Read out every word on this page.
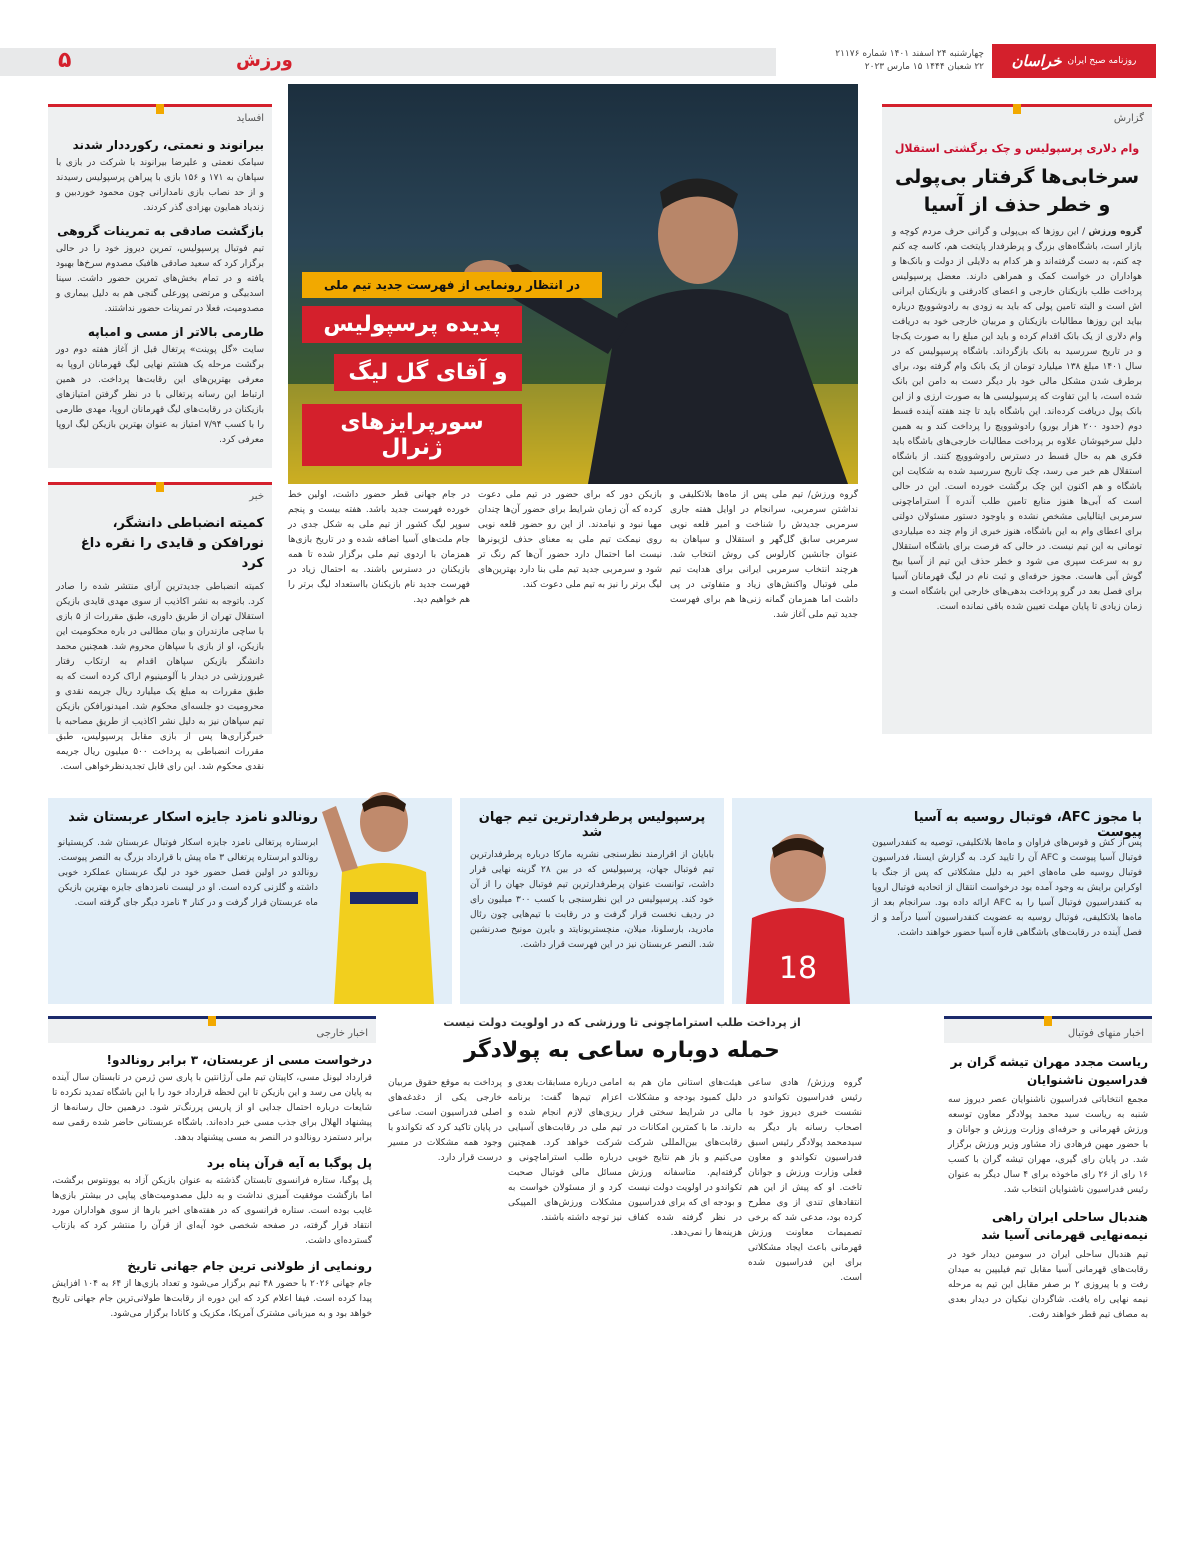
روزنامه صبح ایران
خراسان
چهارشنبه ۲۴ اسفند ۱۴۰۱ شماره ۲۱۱۷۶
۲۲ شعبان ۱۴۴۴ ۱۵ مارس ۲۰۲۳
ورزش
۵
گزارش
وام دلاری پرسپولیس و چک برگشتی استقلال
سرخابی‌ها گرفتار بی‌پولی و خطر حذف از آسیا
گروه ورزش / این روزها که بی‌پولی و گرانی حرف مردم کوچه و بازار است، باشگاه‌های بزرگ و پرطرفدار پایتخت هم، کاسه چه کنم چه کنم، به دست گرفته‌اند و هر کدام به دلایلی از دولت و بانک‌ها و هواداران در خواست کمک و همراهی دارند. معضل پرسپولیس پرداخت طلب بازیکنان خارجی و اعضای کادرفنی و بازیکنان ایرانی اش است و البته تامین پولی که باید به زودی به رادوشوویچ درباره بیاید این روزها مطالبات بازیکنان و مربیان خارجی خود به دریافت وام دلاری از یک بانک اقدام کرده و باید این مبلغ را به صورت یک‌جا و در تاریخ سررسید به بانک بازگرداند. باشگاه پرسپولیس که در سال ۱۴۰۱ مبلغ ۱۳۸ میلیارد تومان از یک بانک وام گرفته بود، برای برطرف شدن مشکل مالی خود بار دیگر دست به دامن این بانک شده است، با این تفاوت که پرسپولیسی ها به صورت ارزی و از این بانک پول دریافت کرده‌اند. این باشگاه باید تا چند هفته آینده قسط دوم (حدود ۲۰۰ هزار یورو) رادوشوویچ را پرداخت کند و به همین دلیل سرخپوشان علاوه بر پرداخت مطالبات خارجی‌های باشگاه باید فکری هم به حال قسط در دسترس رادوشوویچ کنند. از باشگاه استقلال هم خبر می رسد، چک تاریخ سررسید شده به شکایت این باشگاه و هم اکنون این چک برگشت خورده است. این در حالی است که آبی‌ها هنوز منابع تامین طلب آندره آ استراماچونی سرمربی ایتالیایی مشخص نشده و باوجود دستور مسئولان دولتی برای اعطای وام به این باشگاه، هنوز خبری از وام چند ده میلیاردی تومانی به این تیم نیست. در حالی که فرصت برای باشگاه استقلال رو به سرعت سپری می شود و خطر حذف این تیم از آسیا بیخ گوش آبی هاست. مجوز حرفه‌ای و ثبت نام در لیگ قهرمانان آسیا برای فصل بعد در گرو پرداخت بدهی‌های خارجی این باشگاه است و زمان زیادی تا پایان مهلت تعیین شده باقی نمانده است.
در انتظار رونمایی از فهرست جدید تیم ملی
پدیده پرسپولیس
و آقای گل لیگ
سورپرایزهای ژنرال
گروه ورزش/ تیم ملی پس از ماه‌ها بلاتکلیفی و نداشتن سرمربی، سرانجام در اوایل هفته جاری سرمربی جدیدش را شناخت و امیر قلعه نویی سرمربی سابق گل‌گهر و استقلال و سپاهان به عنوان جانشین کارلوس کی روش انتخاب شد. هرچند انتخاب سرمربی ایرانی برای هدایت تیم ملی فوتبال واکنش‌های زیاد و متفاوتی در پی داشت اما همزمان گمانه زنی‌ها هم برای فهرست جدید تیم ملی آغاز شد.
بازیکن دور که برای حضور در تیم ملی دعوت کرده که آن زمان شرایط برای حضور آن‌ها چندان مهیا نبود و نیامدند. از این رو حضور قلعه نویی روی نیمکت تیم ملی به معنای حذف لژیونرها نیست اما احتمال دارد حضور آن‌ها کم رنگ تر شود و سرمربی جدید تیم ملی بنا دارد بهترین‌های لیگ برتر را نیز به تیم ملی دعوت کند.
در جام جهانی قطر حضور داشت، اولین خط خورده فهرست جدید باشد. هفته بیست و پنجم سوپر لیگ کشور از تیم ملی به شکل جدی در جام ملت‌های آسیا اضافه شده و در تاریخ بازی‌ها همزمان با اردوی تیم ملی برگزار شده تا همه بازیکنان در دسترس باشند. به احتمال زیاد در فهرست جدید نام بازیکنان بااستعداد لیگ برتر را هم خواهیم دید.
افساید
بیرانوند و نعمتی، رکورددار شدند
سیامک نعمتی و علیرضا بیرانوند با شرکت در بازی با سپاهان به ۱۷۱ و ۱۵۶ بازی با پیراهن پرسپولیس رسیدند و از حد نصاب بازی نامدارانی چون محمود خوردبین و زندیاد همایون بهزادی گذر کردند.
بازگشت صادقی به تمرینات گروهی
تیم فوتبال پرسپولیس، تمرین دیروز خود را در حالی برگزار کرد که سعید صادقی هافبک مصدوم سرخ‌ها بهبود یافته و در تمام بخش‌های تمرین حضور داشت. سینا اسدبیگی و مرتضی پورعلی گنجی هم به دلیل بیماری و مصدومیت، فعلا در تمرینات حضور نداشتند.
طارمی بالاتر از مسی و امباپه
سایت «گل پوینت» پرتغال قبل از آغاز هفته دوم دور برگشت مرحله یک هشتم نهایی لیگ قهرمانان اروپا به معرفی بهترین‌های این رقابت‌ها پرداخت. در همین ارتباط این رسانه پرتغالی با در نظر گرفتن امتیازهای بازیکنان در رقابت‌های لیگ قهرمانان اروپا، مهدی طارمی را با کسب ۷/۹۴ امتیاز به عنوان بهترین بازیکن لیگ اروپا معرفی کرد.
خبر
کمیته انضباطی دانشگر، نورافکن و قایدی را نقره داغ کرد
کمیته انضباطی جدیدترین آرای منتشر شده را صادر کرد. باتوجه به نشر اکاذیب از سوی مهدی قایدی بازیکن استقلال تهران از طریق داوری، طبق مقررات از ۵ بازی با ساچی مازندران و بیان مطالبی در باره محکومیت این بازیکن، او از بازی با سپاهان محروم شد. همچنین محمد دانشگر بازیکن سپاهان اقدام به ارتکاب رفتار غیرورزشی در دیدار با آلومینیوم اراک کرده است که به طبق مقررات به مبلغ یک میلیارد ریال جریمه نقدی و محرومیت دو جلسه‌ای محکوم شد. امیدنورافکن بازیکن تیم سپاهان نیز به دلیل نشر اکاذیب از طریق مصاحبه با خبرگزاری‌ها پس از بازی مقابل پرسپولیس، طبق مقررات انضباطی به پرداخت ۵۰۰ میلیون ریال جریمه نقدی محکوم شد. این رای قابل تجدیدنظرخواهی است.
با مجوز AFC، فوتبال روسیه به آسیا پیوست
پس از کش و قوس‌های فراوان و ماه‌ها بلاتکلیفی، توصیه به کنفدراسیون فوتبال آسیا پیوست و AFC آن را تایید کرد. به گزارش ایسنا، فدراسیون فوتبال روسیه طی ماه‌های اخیر به دلیل مشکلاتی که پس از جنگ با اوکراین برایش به وجود آمده بود درخواست انتقال از اتحادیه فوتبال اروپا به کنفدراسیون فوتبال آسیا را به AFC ارائه داده بود. سرانجام بعد از ماه‌ها بلاتکلیفی، فوتبال روسیه به عضویت کنفدراسیون آسیا درآمد و از فصل آینده در رقابت‌های باشگاهی قاره آسیا حضور خواهند داشت.
18
پرسپولیس پرطرفدارترین تیم جهان شد
بابایان از اقرارمند نظرسنجی نشریه مارکا درباره پرطرفدارترین تیم فوتبال جهان، پرسپولیس که در بین ۲۸ گزینه نهایی قرار داشت، توانست عنوان پرطرفدارترین تیم فوتبال جهان را از آن خود کند. پرسپولیس در این نظرسنجی با کسب ۳۰۰ میلیون رای در ردیف نخست قرار گرفت و در رقابت با تیم‌هایی چون رئال مادرید، بارسلونا، میلان، منچستریونایتد و بایرن مونیخ صدرنشین شد. النصر عربستان نیز در این فهرست قرار داشت.
رونالدو نامزد جایزه اسکار عربستان شد
ابرستاره پرتغالی نامزد جایزه اسکار فوتبال عربستان شد. کریستیانو رونالدو ابرستاره پرتغالی ۳ ماه پیش با قرارداد بزرگ به النصر پیوست. رونالدو در اولین فصل حضور خود در لیگ عربستان عملکرد خوبی داشته و گلزنی کرده است. او در لیست نامزدهای جایزه بهترین بازیکن ماه عربستان قرار گرفت و در کنار ۴ نامزد دیگر جای گرفته است.
از پرداخت طلب استراماچونی تا ورزشی که در اولویت دولت نیست
حمله دوباره ساعی به پولادگر
گروه ورزش/ هادی ساعی رئیس فدراسیون تکواندو در نشست خبری دیروز خود با اصحاب رسانه بار دیگر به سیدمحمد پولادگر رئیس اسبق فدراسیون تکواندو و معاون فعلی وزارت ورزش و جوانان تاخت. او که پیش از این هم انتقادهای تندی از وی مطرح کرده بود، مدعی شد که برخی تصمیمات معاونت ورزش قهرمانی باعث ایجاد مشکلاتی برای این فدراسیون شده است.
هیئت‌های استانی مان هم به دلیل کمبود بودجه و مشکلات مالی در شرایط سختی قرار دارند. ما با کمترین امکانات در رقابت‌های بین‌المللی شرکت می‌کنیم و باز هم نتایج خوبی گرفته‌ایم. متاسفانه ورزش تکواندو در اولویت دولت نیست و بودجه ای که برای فدراسیون در نظر گرفته شده کفاف هزینه‌ها را نمی‌دهد.
امامی درباره مسابقات بعدی و اعزام تیم‌ها گفت: برنامه ریزی‌های لازم انجام شده و تیم ملی در رقابت‌های آسیایی شرکت خواهد کرد. همچنین درباره طلب استراماچونی و مسائل مالی فوتبال صحبت کرد و از مسئولان خواست به مشکلات ورزش‌های المپیکی نیز توجه داشته باشند.
پرداخت به موقع حقوق مربیان خارجی یکی از دغدغه‌های اصلی فدراسیون است. ساعی در پایان تاکید کرد که تکواندو با وجود همه مشکلات در مسیر درست قرار دارد.
اخبار خارجی
درخواست مسی از عربستان، ۳ برابر رونالدو!
قرارداد لیونل مسی، کاپیتان تیم ملی آرژانتین با پاری سن ژرمن در تابستان سال آینده به پایان می رسد و این بازیکن تا این لحظه قرارداد خود را با این باشگاه تمدید نکرده تا شایعات درباره احتمال جدایی او از پاریس پررنگ‌تر شود. درهمین حال رسانه‌ها از پیشنهاد الهلال برای جذب مسی خبر داده‌اند. باشگاه عربستانی حاضر شده رقمی سه برابر دستمزد رونالدو در النصر به مسی پیشنهاد بدهد.
پل پوگبا به آیه قرآن پناه برد
پل پوگبا، ستاره فرانسوی تابستان گذشته به عنوان بازیکن آزاد به یوونتوس برگشت، اما بازگشت موفقیت آمیزی نداشت و به دلیل مصدومیت‌های پیاپی در بیشتر بازی‌ها غایب بوده است. ستاره فرانسوی که در هفته‌های اخیر بارها از سوی هواداران مورد انتقاد قرار گرفته، در صفحه شخصی خود آیه‌ای از قرآن را منتشر کرد که بازتاب گسترده‌ای داشت.
رونمایی از طولانی ترین جام جهانی تاریخ
جام جهانی ۲۰۲۶ با حضور ۴۸ تیم برگزار می‌شود و تعداد بازی‌ها از ۶۴ به ۱۰۴ افزایش پیدا کرده است. فیفا اعلام کرد که این دوره از رقابت‌ها طولانی‌ترین جام جهانی تاریخ خواهد بود و به میزبانی مشترک آمریکا، مکزیک و کانادا برگزار می‌شود.
اخبار منهای فوتبال
ریاست مجدد مهران تیشه گران بر فدراسیون ناشنوایان
مجمع انتخاباتی فدراسیون ناشنوایان عصر دیروز سه شنبه به ریاست سید محمد پولادگر معاون توسعه ورزش قهرمانی و حرفه‌ای وزارت ورزش و جوانان و با حضور مهین فرهادی زاد مشاور وزیر ورزش برگزار شد. در پایان رای گیری، مهران تیشه گران با کسب ۱۶ رای از ۲۶ رای ماخوذه برای ۴ سال دیگر به عنوان رئیس فدراسیون ناشنوایان انتخاب شد.
هندبال ساحلی ایران راهی نیمه‌نهایی قهرمانی آسیا شد
تیم هندبال ساحلی ایران در سومین دیدار خود در رقابت‌های قهرمانی آسیا مقابل تیم فیلیپین به میدان رفت و با پیروزی ۲ بر صفر مقابل این تیم به مرحله نیمه نهایی راه یافت. شاگردان نیکیان در دیدار بعدی به مصاف تیم قطر خواهند رفت.
